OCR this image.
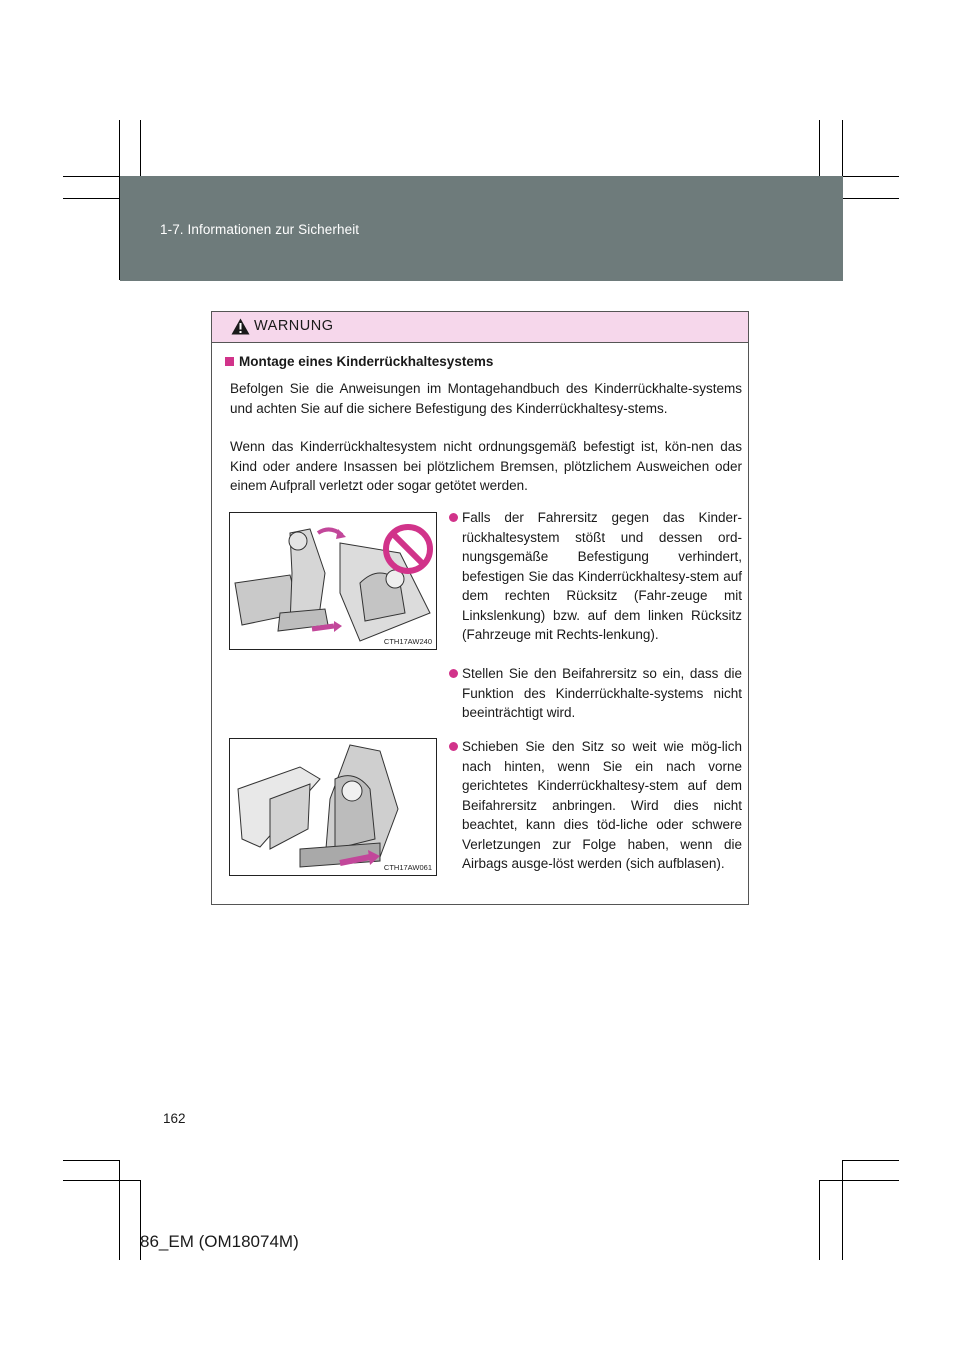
1-7. Informationen zur Sicherheit
WARNUNG
Montage eines Kinderrückhaltesystems
Befolgen Sie die Anweisungen im Montagehandbuch des Kinderrückhalte-systems und achten Sie auf die sichere Befestigung des Kinderrückhaltesy-stems.
Wenn das Kinderrückhaltesystem nicht ordnungsgemäß befestigt ist, kön-nen das Kind oder andere Insassen bei plötzlichem Bremsen, plötzlichem Ausweichen oder einem Aufprall verletzt oder sogar getötet werden.
CTH17AW240
CTH17AW061
Falls der Fahrersitz gegen das Kinder-rückhaltesystem stößt und dessen ord-nungsgemäße Befestigung verhindert, befestigen Sie das Kinderrückhaltesy-stem auf dem rechten Rücksitz (Fahr-zeuge mit Linkslenkung) bzw. auf dem linken Rücksitz (Fahrzeuge mit Rechts-lenkung).
Stellen Sie den Beifahrersitz so ein, dass die Funktion des Kinderrückhalte-systems nicht beeinträchtigt wird.
Schieben Sie den Sitz so weit wie mög-lich nach hinten, wenn Sie ein nach vorne gerichtetes Kinderrückhaltesy-stem auf dem Beifahrersitz anbringen. Wird dies nicht beachtet, kann dies töd-liche oder schwere Verletzungen zur Folge haben, wenn die Airbags ausge-löst werden (sich aufblasen).
162
86_EM (OM18074M)
